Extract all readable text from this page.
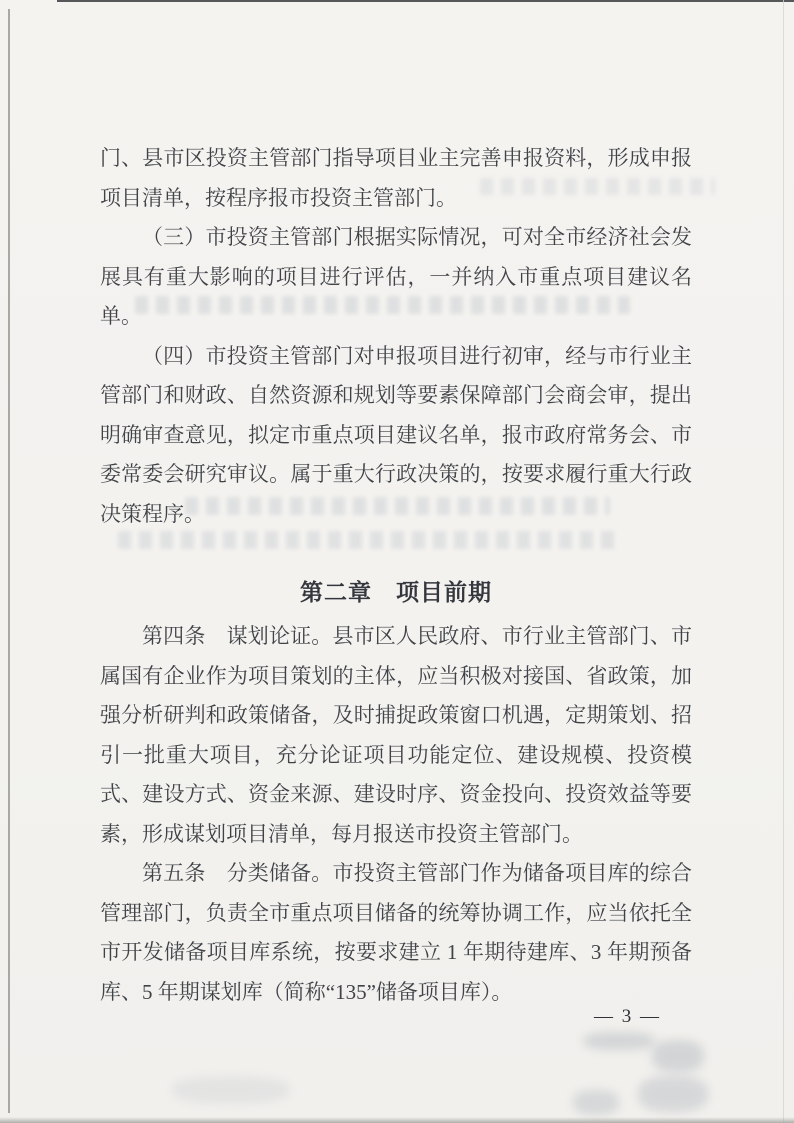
门、县市区投资主管部门指导项目业主完善申报资料，形成申报
项目清单，按程序报市投资主管部门。
（三）市投资主管部门根据实际情况，可对全市经济社会发
展具有重大影响的项目进行评估，一并纳入市重点项目建议名
单。
（四）市投资主管部门对申报项目进行初审，经与市行业主
管部门和财政、自然资源和规划等要素保障部门会商会审，提出
明确审查意见，拟定市重点项目建议名单，报市政府常务会、市
委常委会研究审议。属于重大行政决策的，按要求履行重大行政
决策程序。
第二章　项目前期
第四条　谋划论证。县市区人民政府、市行业主管部门、市
属国有企业作为项目策划的主体，应当积极对接国、省政策，加
强分析研判和政策储备，及时捕捉政策窗口机遇，定期策划、招
引一批重大项目，充分论证项目功能定位、建设规模、投资模
式、建设方式、资金来源、建设时序、资金投向、投资效益等要
素，形成谋划项目清单，每月报送市投资主管部门。
第五条　分类储备。市投资主管部门作为储备项目库的综合
管理部门，负责全市重点项目储备的统筹协调工作，应当依托全
市开发储备项目库系统，按要求建立 1 年期待建库、3 年期预备
库、5 年期谋划库（简称“135”储备项目库）。
— 3 —
